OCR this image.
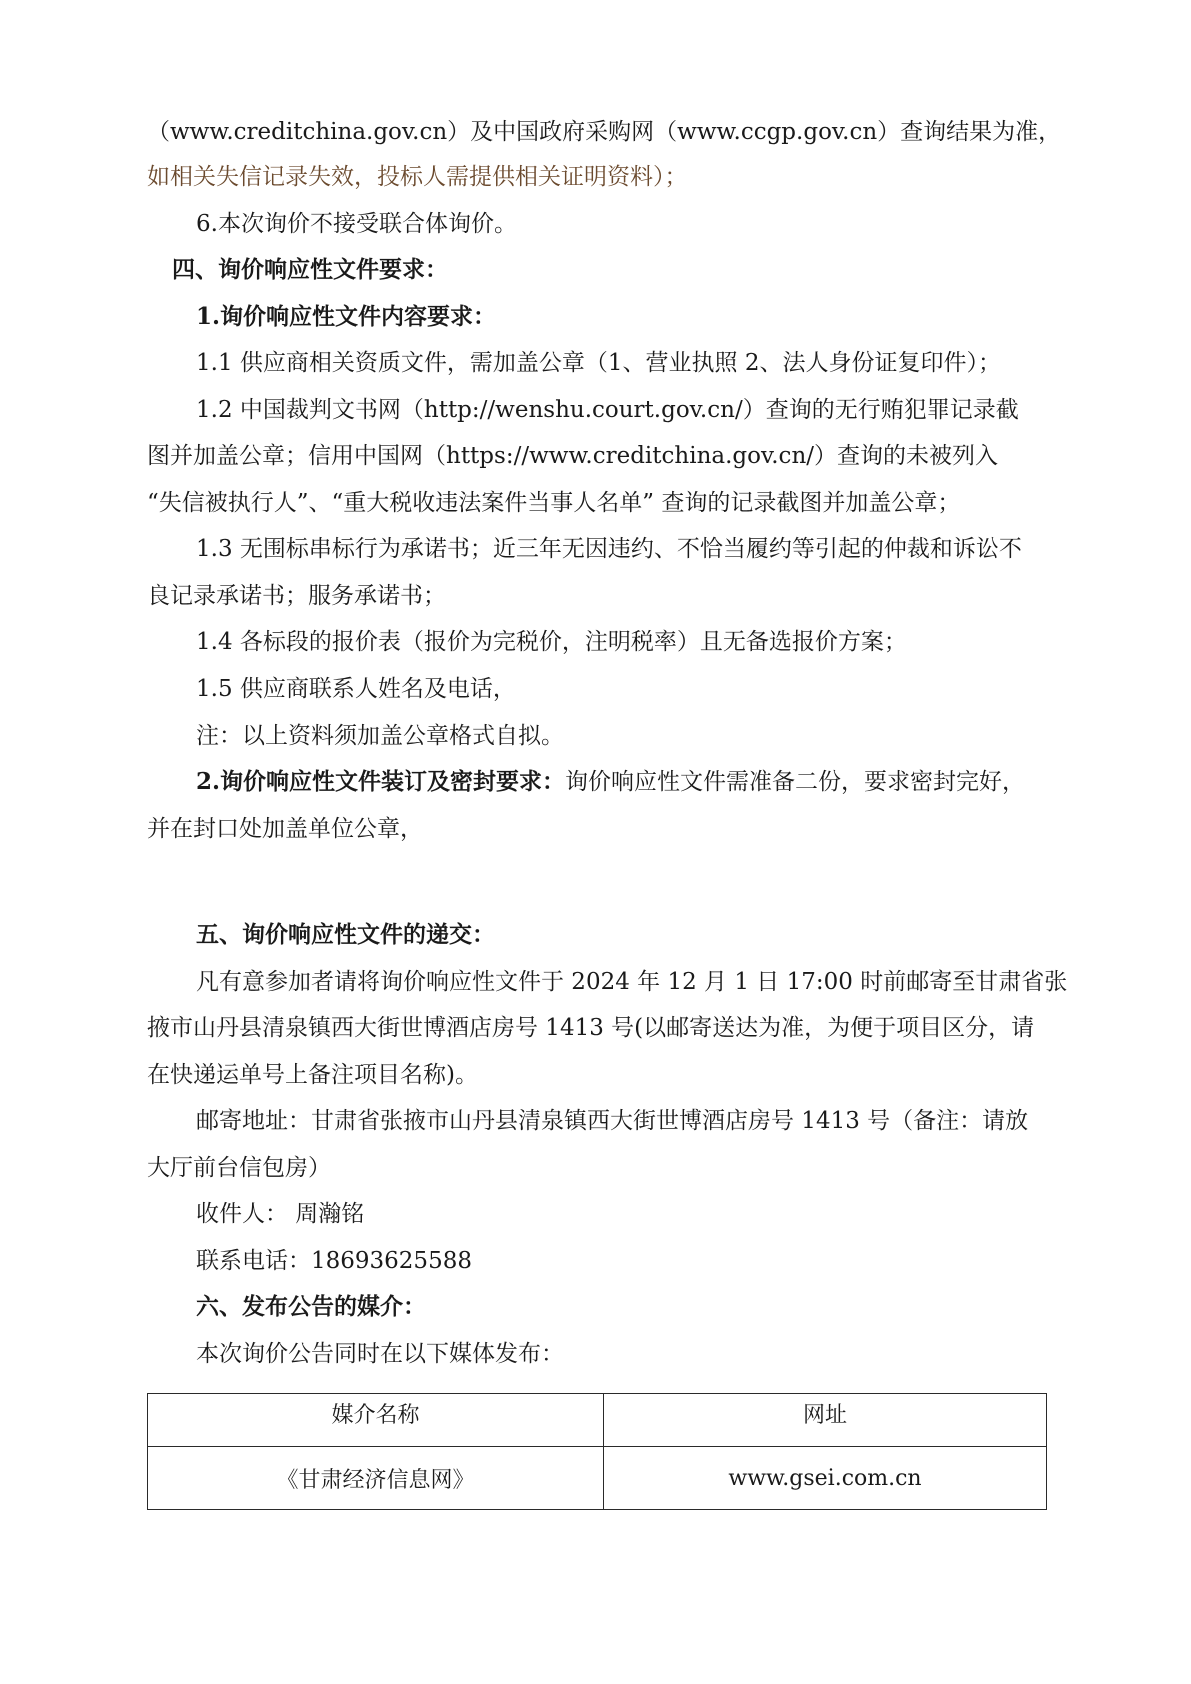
（www.creditchina.gov.cn）及中国政府采购网（www.ccgp.gov.cn）查询结果为准，
如相关失信记录失效，投标人需提供相关证明资料）；
6.本次询价不接受联合体询价。
四、询价响应性文件要求：
1.询价响应性文件内容要求：
1.1 供应商相关资质文件，需加盖公章（1、营业执照 2、法人身份证复印件）；
1.2 中国裁判文书网（http://wenshu.court.gov.cn/）查询的无行贿犯罪记录截
图并加盖公章；信用中国网（https://www.creditchina.gov.cn/）查询的未被列入
“失信被执行人”、“重大税收违法案件当事人名单” 查询的记录截图并加盖公章；
1.3 无围标串标行为承诺书；近三年无因违约、不恰当履约等引起的仲裁和诉讼不
良记录承诺书；服务承诺书；
1.4 各标段的报价表（报价为完税价，注明税率）且无备选报价方案；
1.5 供应商联系人姓名及电话，
注：以上资料须加盖公章格式自拟。
2.询价响应性文件装订及密封要求：询价响应性文件需准备二份，要求密封完好，
并在封口处加盖单位公章，
五、询价响应性文件的递交：
凡有意参加者请将询价响应性文件于 2024 年 12 月 1 日 17:00 时前邮寄至甘肃省张
掖市山丹县清泉镇西大街世博酒店房号 1413 号(以邮寄送达为准，为便于项目区分，请
在快递运单号上备注项目名称)。
邮寄地址：甘肃省张掖市山丹县清泉镇西大街世博酒店房号 1413 号（备注：请放
大厅前台信包房）
收件人： 周瀚铭
联系电话：18693625588
六、发布公告的媒介：
本次询价公告同时在以下媒体发布：
媒介名称	网址
《甘肃经济信息网》	www.gsei.com.cn
